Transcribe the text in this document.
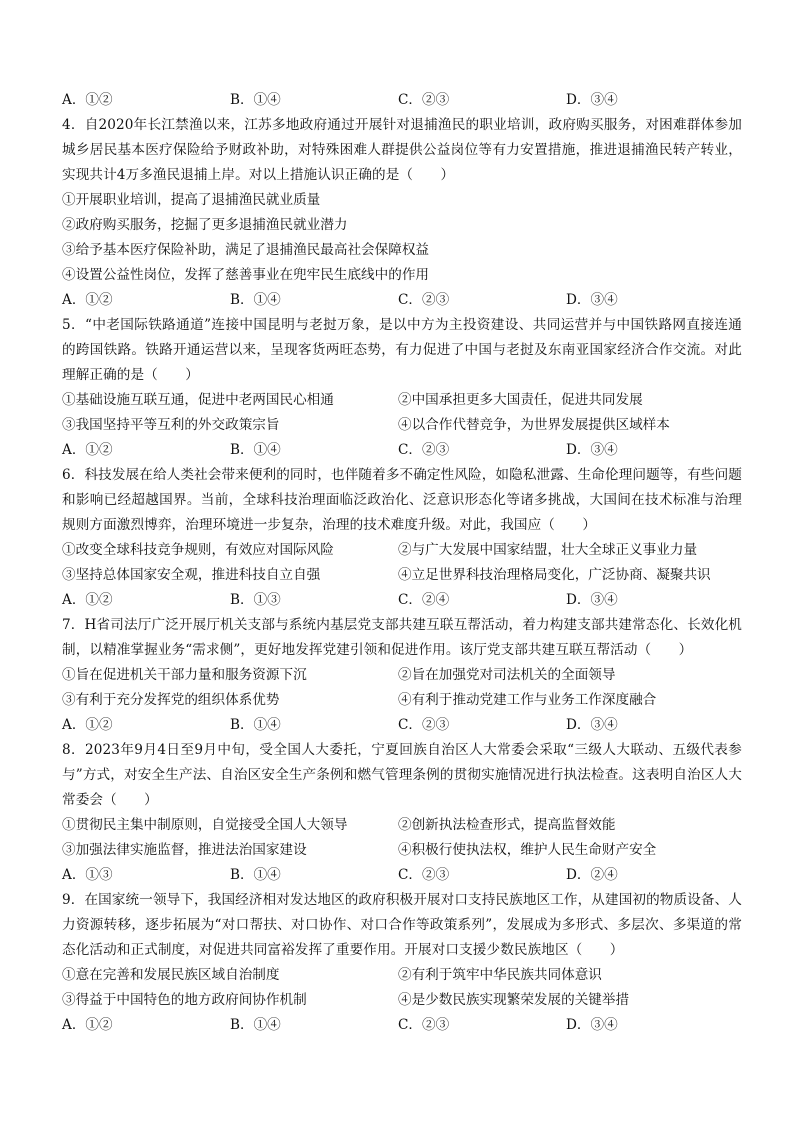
A．①②	B．①④	C．②③	D．③④
4．自2020年长江禁渔以来，江苏多地政府通过开展针对退捕渔民的职业培训，政府购买服务，对困难群体参加城乡居民基本医疗保险给予财政补助，对特殊困难人群提供公益岗位等有力安置措施，推进退捕渔民转产转业，实现共计4万多渔民退捕上岸。对以上措施认识正确的是（　　）
①开展职业培训，提高了退捕渔民就业质量
②政府购买服务，挖掘了更多退捕渔民就业潜力
③给予基本医疗保险补助，满足了退捕渔民最高社会保障权益
④设置公益性岗位，发挥了慈善事业在兜牢民生底线中的作用
A．①②	B．①④	C．②③	D．③④
5．“中老国际铁路通道”连接中国昆明与老挝万象，是以中方为主投资建设、共同运营并与中国铁路网直接连通的跨国铁路。铁路开通运营以来，呈现客货两旺态势，有力促进了中国与老挝及东南亚国家经济合作交流。对此理解正确的是（　　）
①基础设施互联互通，促进中老两国民心相通	②中国承担更多大国责任，促进共同发展
③我国坚持平等互利的外交政策宗旨	④以合作代替竞争，为世界发展提供区域样本
A．①②	B．①④	C．②③	D．③④
6．科技发展在给人类社会带来便利的同时，也伴随着多不确定性风险，如隐私泄露、生命伦理问题等，有些问题和影响已经超越国界。当前，全球科技治理面临泛政治化、泛意识形态化等诸多挑战，大国间在技术标准与治理规则方面激烈博弈，治理环境进一步复杂，治理的技术难度升级。对此，我国应（　　）
①改变全球科技竞争规则，有效应对国际风险	②与广大发展中国家结盟，壮大全球正义事业力量
③坚持总体国家安全观，推进科技自立自强	④立足世界科技治理格局变化，广泛协商、凝聚共识
A．①②	B．①③	C．②④	D．③④
7．H省司法厅广泛开展厅机关支部与系统内基层党支部共建互联互帮活动，着力构建支部共建常态化、长效化机制，以精准掌握业务“需求侧”，更好地发挥党建引领和促进作用。该厅党支部共建互联互帮活动（　　）
①旨在促进机关干部力量和服务资源下沉	②旨在加强党对司法机关的全面领导
③有利于充分发挥党的组织体系优势	④有利于推动党建工作与业务工作深度融合
A．①②	B．①④	C．②③	D．③④
8．2023年9月4日至9月中旬，受全国人大委托，宁夏回族自治区人大常委会采取“三级人大联动、五级代表参与”方式，对安全生产法、自治区安全生产条例和燃气管理条例的贯彻实施情况进行执法检查。这表明自治区人大常委会（　　）
①贯彻民主集中制原则，自觉接受全国人大领导	②创新执法检查形式，提高监督效能
③加强法律实施监督，推进法治国家建设	④积极行使执法权，维护人民生命财产安全
A．①③	B．①④	C．②③	D．②④
9．在国家统一领导下，我国经济相对发达地区的政府积极开展对口支持民族地区工作，从建国初的物质设备、人力资源转移，逐步拓展为“对口帮扶、对口协作、对口合作等政策系列”，发展成为多形式、多层次、多渠道的常态化活动和正式制度，对促进共同富裕发挥了重要作用。开展对口支援少数民族地区（　　）
①意在完善和发展民族区域自治制度	②有利于筑牢中华民族共同体意识
③得益于中国特色的地方政府间协作机制	④是少数民族实现繁荣发展的关键举措
A．①②	B．①④	C．②③	D．③④
